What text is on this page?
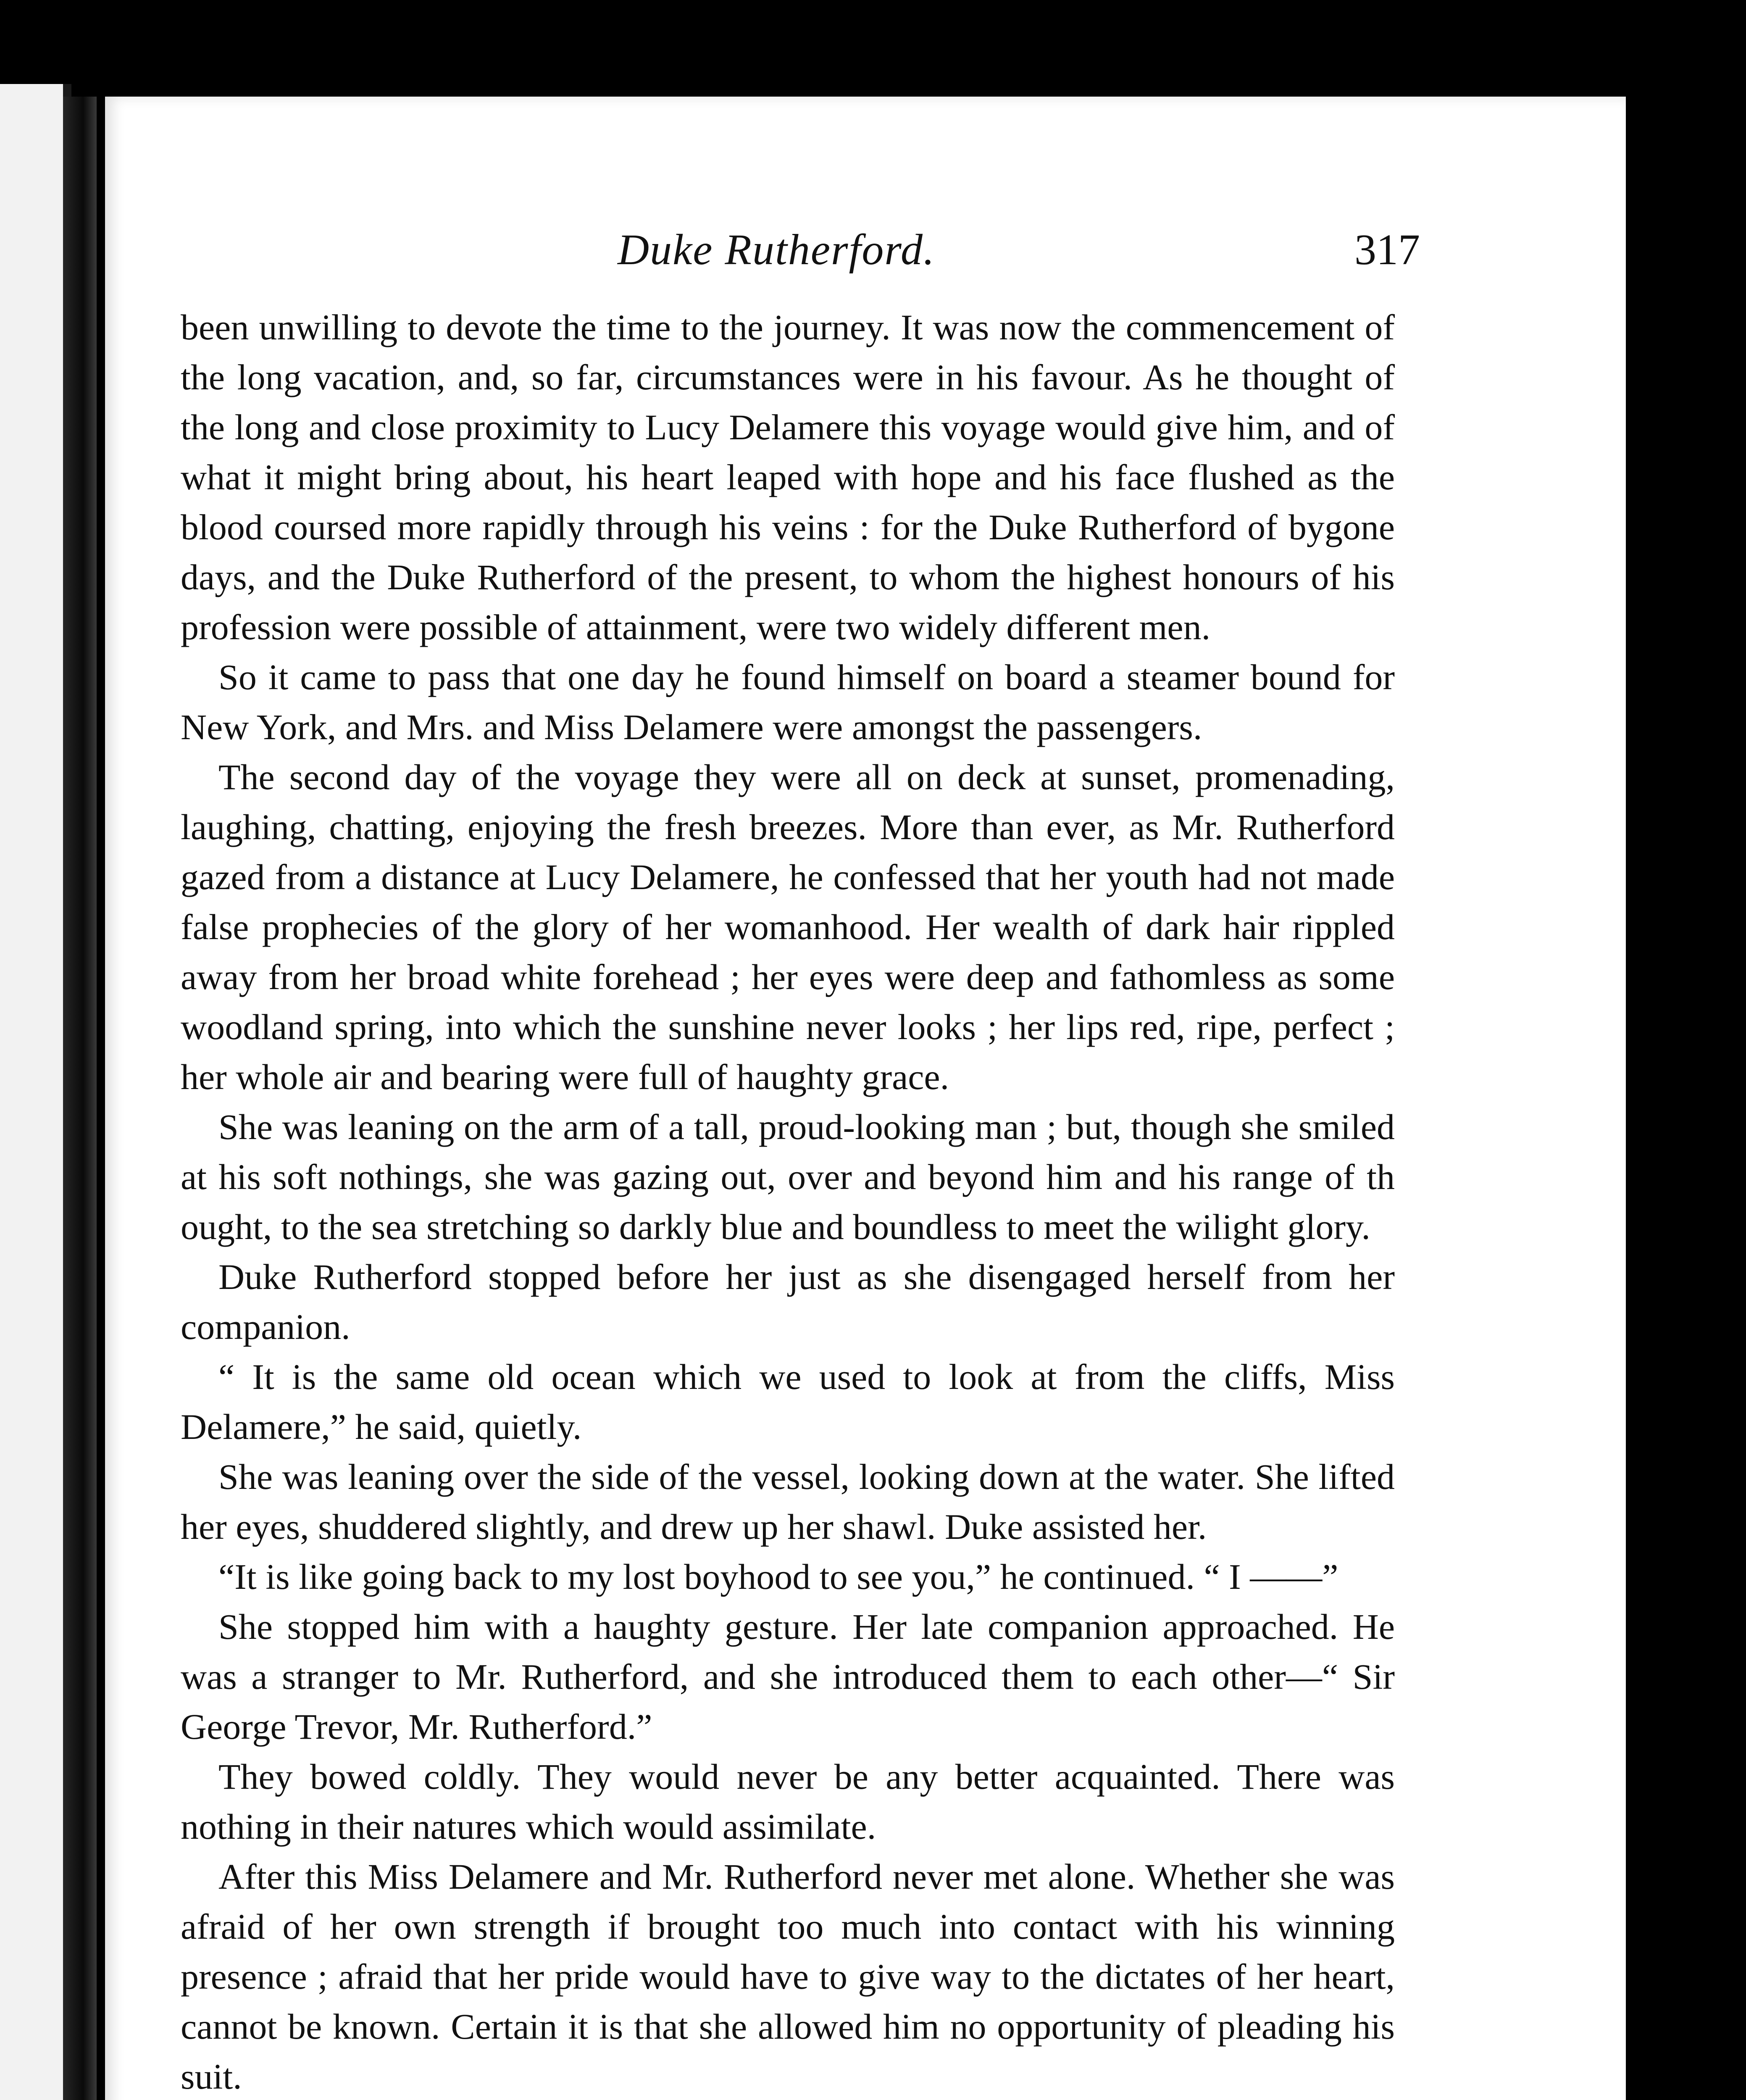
Duke Rutherford.	317

been unwilling to devote the time to the journey. It was now the commencement of the long vacation, and, so far, circumstances were in his favour. As he thought of the long and close proximity to Lucy Delamere this voyage would give him, and of what it might bring about, his heart leaped with hope and his face flushed as the blood coursed more rapidly through his veins : for the Duke Rutherford of bygone days, and the Duke Rutherford of the present, to whom the highest honours of his profession were possible of attainment, were two widely different men.

So it came to pass that one day he found himself on board a steamer bound for New York, and Mrs. and Miss Delamere were amongst the passengers.

The second day of the voyage they were all on deck at sunset, promenading, laughing, chatting, enjoying the fresh breezes. More than ever, as Mr. Rutherford gazed from a distance at Lucy Delamere, he confessed that her youth had not made false prophecies of the glory of her womanhood. Her wealth of dark hair rippled away from her broad white forehead ; her eyes were deep and fathomless as some woodland spring, into which the sunshine never looks ; her lips red, ripe, perfect ; her whole air and bearing were full of haughty grace.

She was leaning on the arm of a tall, proud-looking man ; but, though she smiled at his soft nothings, she was gazing out, over and beyond him and his range of th ought, to the sea stretching so darkly blue and boundless to meet the wilight glory.

Duke Rutherford stopped before her just as she disengaged herself from her companion.

“ It is the same old ocean which we used to look at from the cliffs, Miss Delamere,” he said, quietly.

She was leaning over the side of the vessel, looking down at the water. She lifted her eyes, shuddered slightly, and drew up her shawl. Duke assisted her.

“It is like going back to my lost boyhood to see you,” he continued. “ I ——”

She stopped him with a haughty gesture. Her late companion approached. He was a stranger to Mr. Rutherford, and she introduced them to each other—“ Sir George Trevor, Mr. Rutherford.”

They bowed coldly. They would never be any better acquainted. There was nothing in their natures which would assimilate.

After this Miss Delamere and Mr. Rutherford never met alone. Whether she was afraid of her own strength if brought too much into contact with his winning presence ; afraid that her pride would have to give way to the dictates of her heart, cannot be known. Certain it is that she allowed him no opportunity of pleading his suit.
